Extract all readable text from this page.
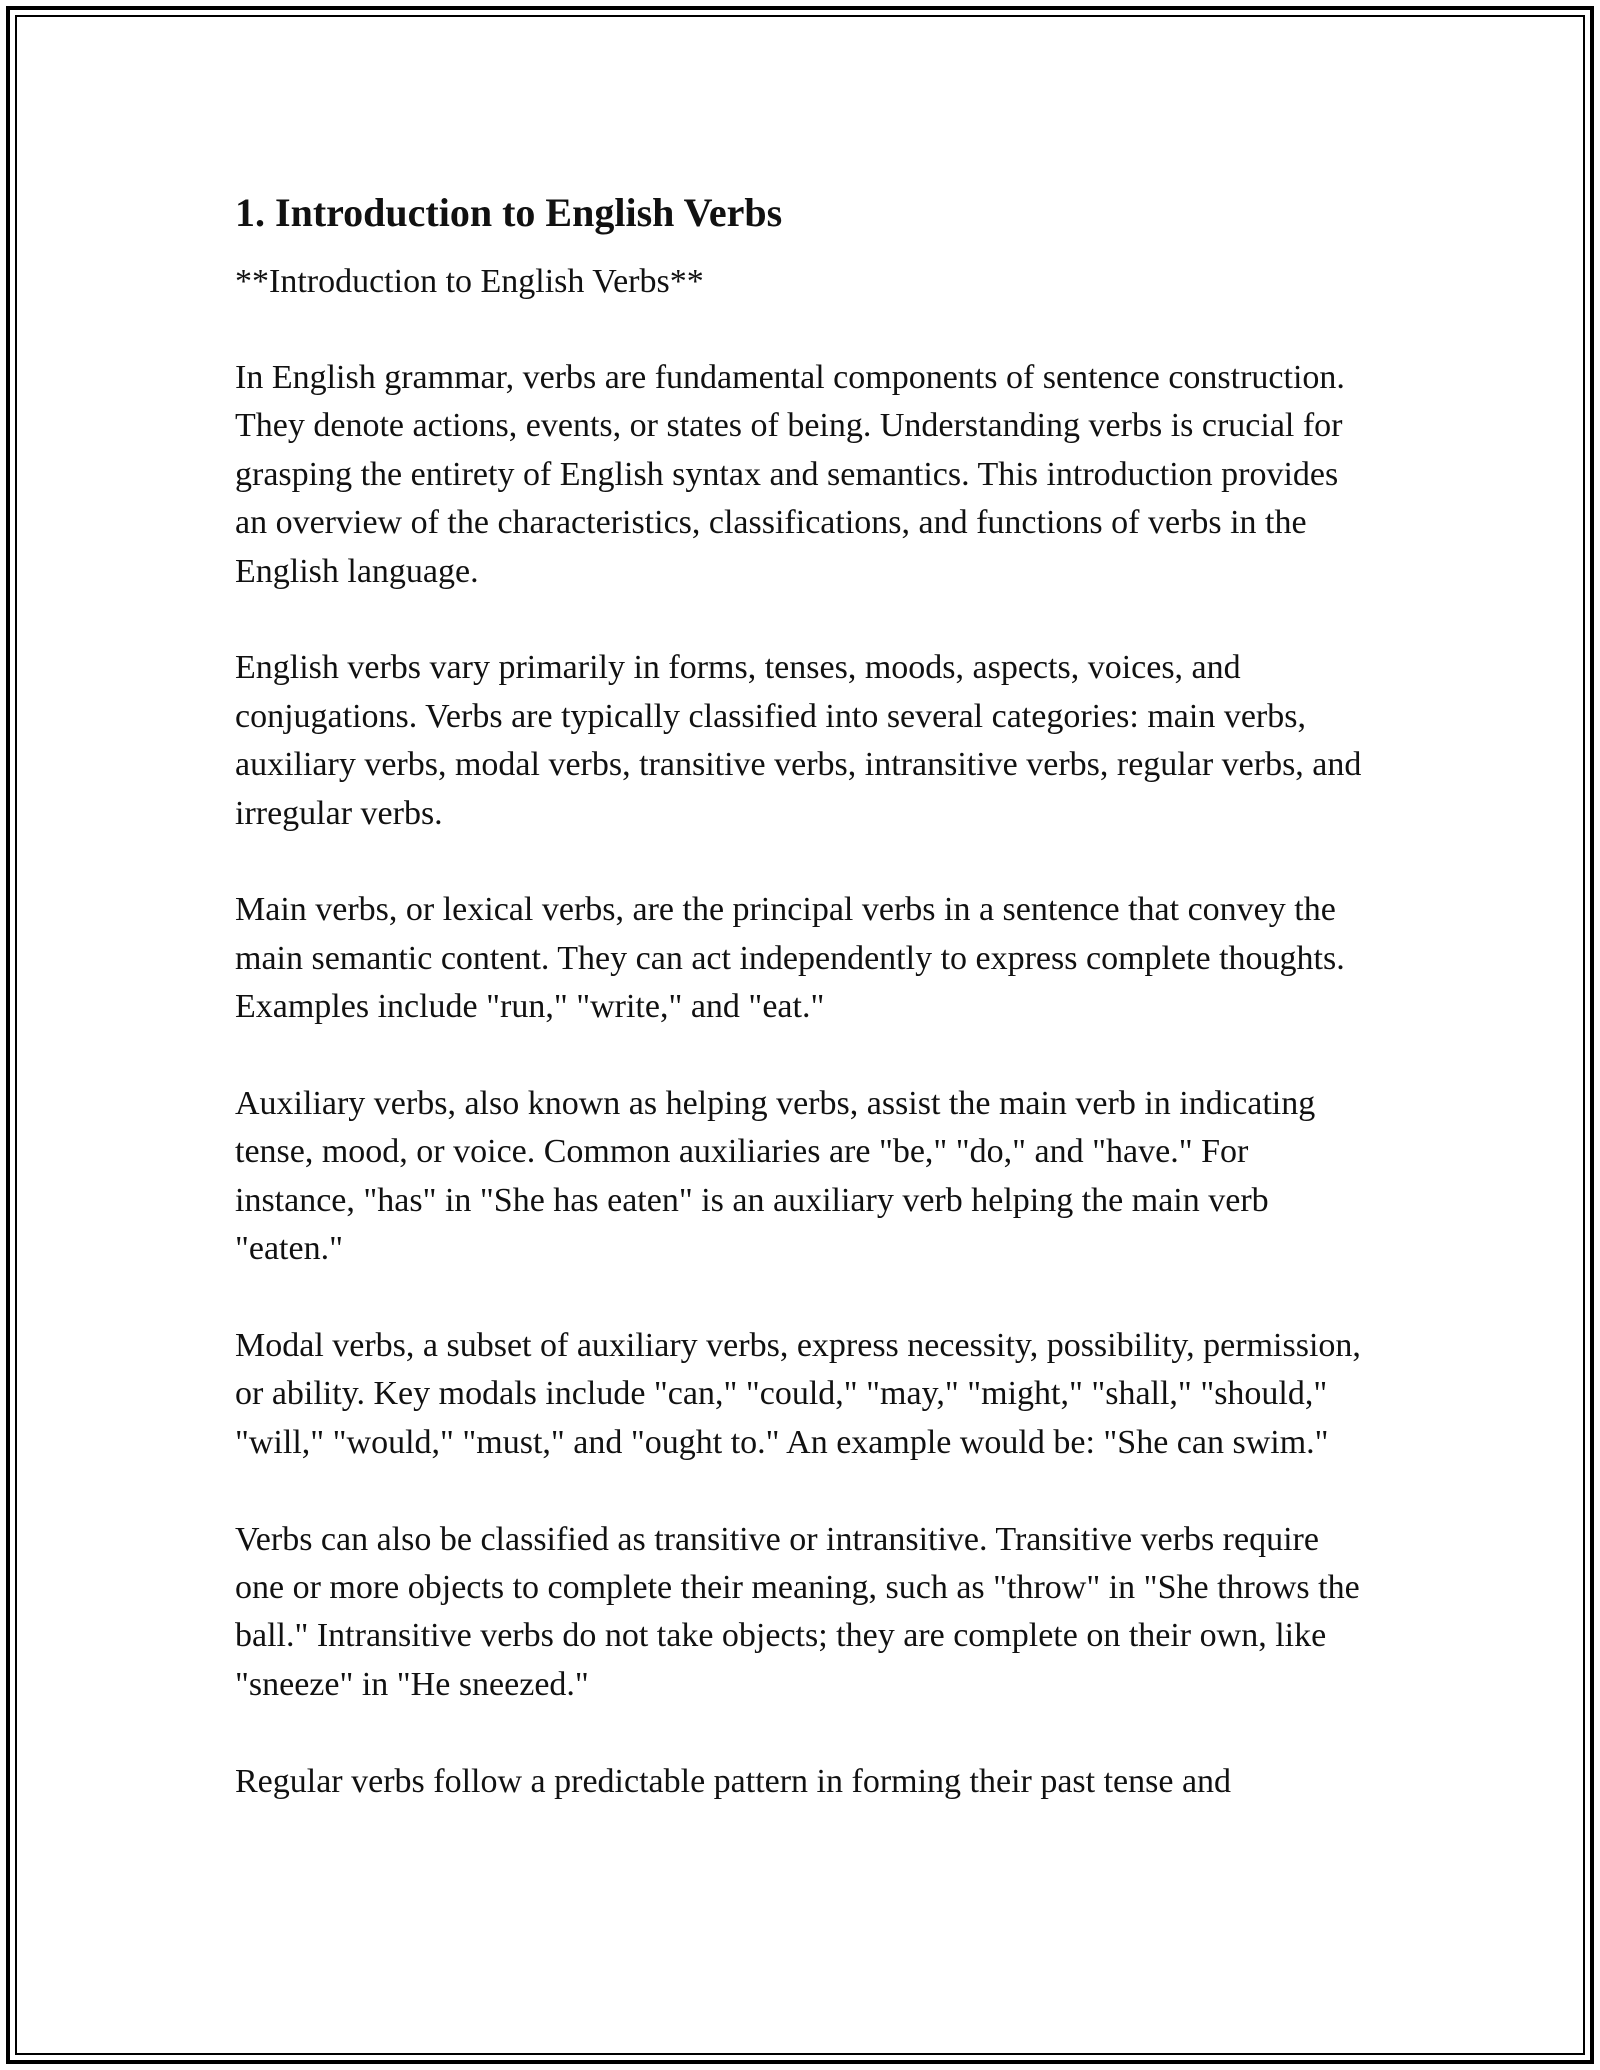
1. Introduction to English Verbs

**Introduction to English Verbs**

In English grammar, verbs are fundamental components of sentence construction. They denote actions, events, or states of being. Understanding verbs is crucial for grasping the entirety of English syntax and semantics. This introduction provides an overview of the characteristics, classifications, and functions of verbs in the English language.

English verbs vary primarily in forms, tenses, moods, aspects, voices, and conjugations. Verbs are typically classified into several categories: main verbs, auxiliary verbs, modal verbs, transitive verbs, intransitive verbs, regular verbs, and irregular verbs.

Main verbs, or lexical verbs, are the principal verbs in a sentence that convey the main semantic content. They can act independently to express complete thoughts. Examples include "run," "write," and "eat."

Auxiliary verbs, also known as helping verbs, assist the main verb in indicating tense, mood, or voice. Common auxiliaries are "be," "do," and "have." For instance, "has" in "She has eaten" is an auxiliary verb helping the main verb "eaten."

Modal verbs, a subset of auxiliary verbs, express necessity, possibility, permission, or ability. Key modals include "can," "could," "may," "might," "shall," "should," "will," "would," "must," and "ought to." An example would be: "She can swim."

Verbs can also be classified as transitive or intransitive. Transitive verbs require one or more objects to complete their meaning, such as "throw" in "She throws the ball." Intransitive verbs do not take objects; they are complete on their own, like "sneeze" in "He sneezed."

Regular verbs follow a predictable pattern in forming their past tense and
